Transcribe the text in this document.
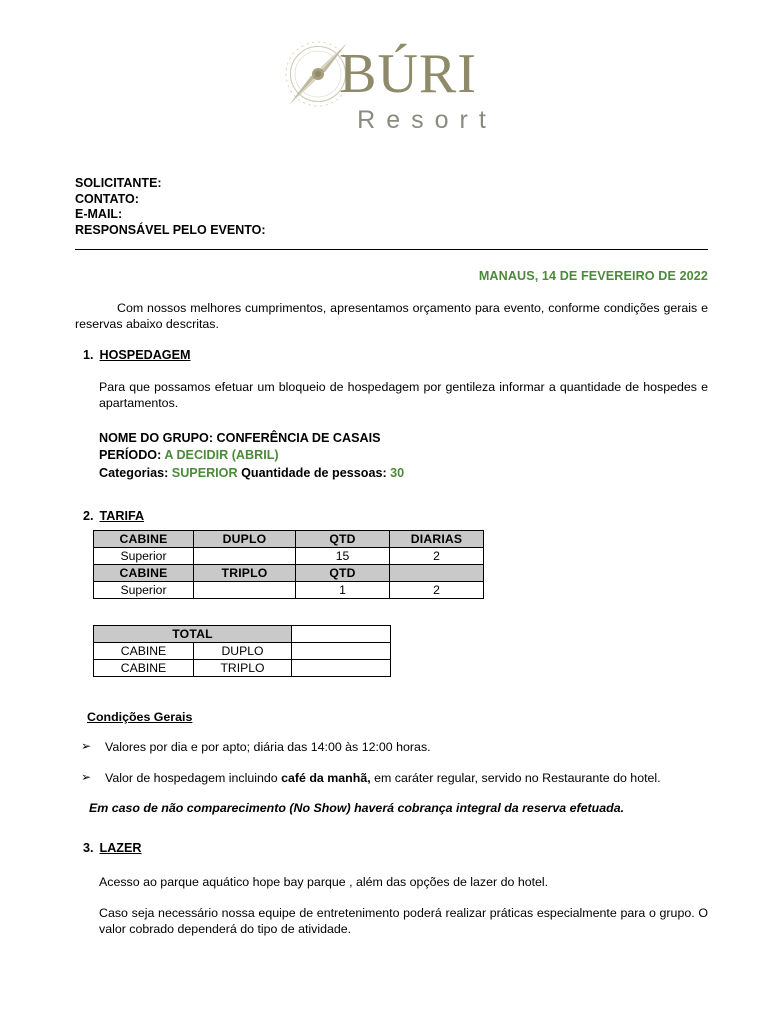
BÚRI
Resort
SOLICITANTE:
CONTATO:
E-MAIL:
RESPONSÁVEL PELO EVENTO:
MANAUS, 14 DE FEVEREIRO DE 2022

Com nossos melhores cumprimentos, apresentamos orçamento para evento, conforme condições gerais e reservas abaixo descritas.

1. HOSPEDAGEM

Para que possamos efetuar um bloqueio de hospedagem por gentileza informar a quantidade de hospedes e apartamentos.

NOME DO GRUPO: CONFERÊNCIA DE CASAIS
PERÍODO: A DECIDIR (ABRIL)
Categorias: SUPERIOR Quantidade de pessoas: 30
2. TARIFA
CABINE	DUPLO	QTD	DIARIAS
Superior		15	2
CABINE	TRIPLO	QTD	
Superior		1	2
TOTAL		
CABINE	DUPLO	
CABINE	TRIPLO	
Condições Gerais
➢ Valores por dia e por apto; diária das 14:00 às 12:00 horas.
➢ Valor de hospedagem incluindo café da manhã, em caráter regular, servido no Restaurante do hotel.
Em caso de não comparecimento (No Show) haverá cobrança integral da reserva efetuada.
3. LAZER

Acesso ao parque aquático hope bay parque , além das opções de lazer do hotel.

Caso seja necessário nossa equipe de entretenimento poderá realizar práticas especialmente para o grupo. O valor cobrado dependerá do tipo de atividade.
